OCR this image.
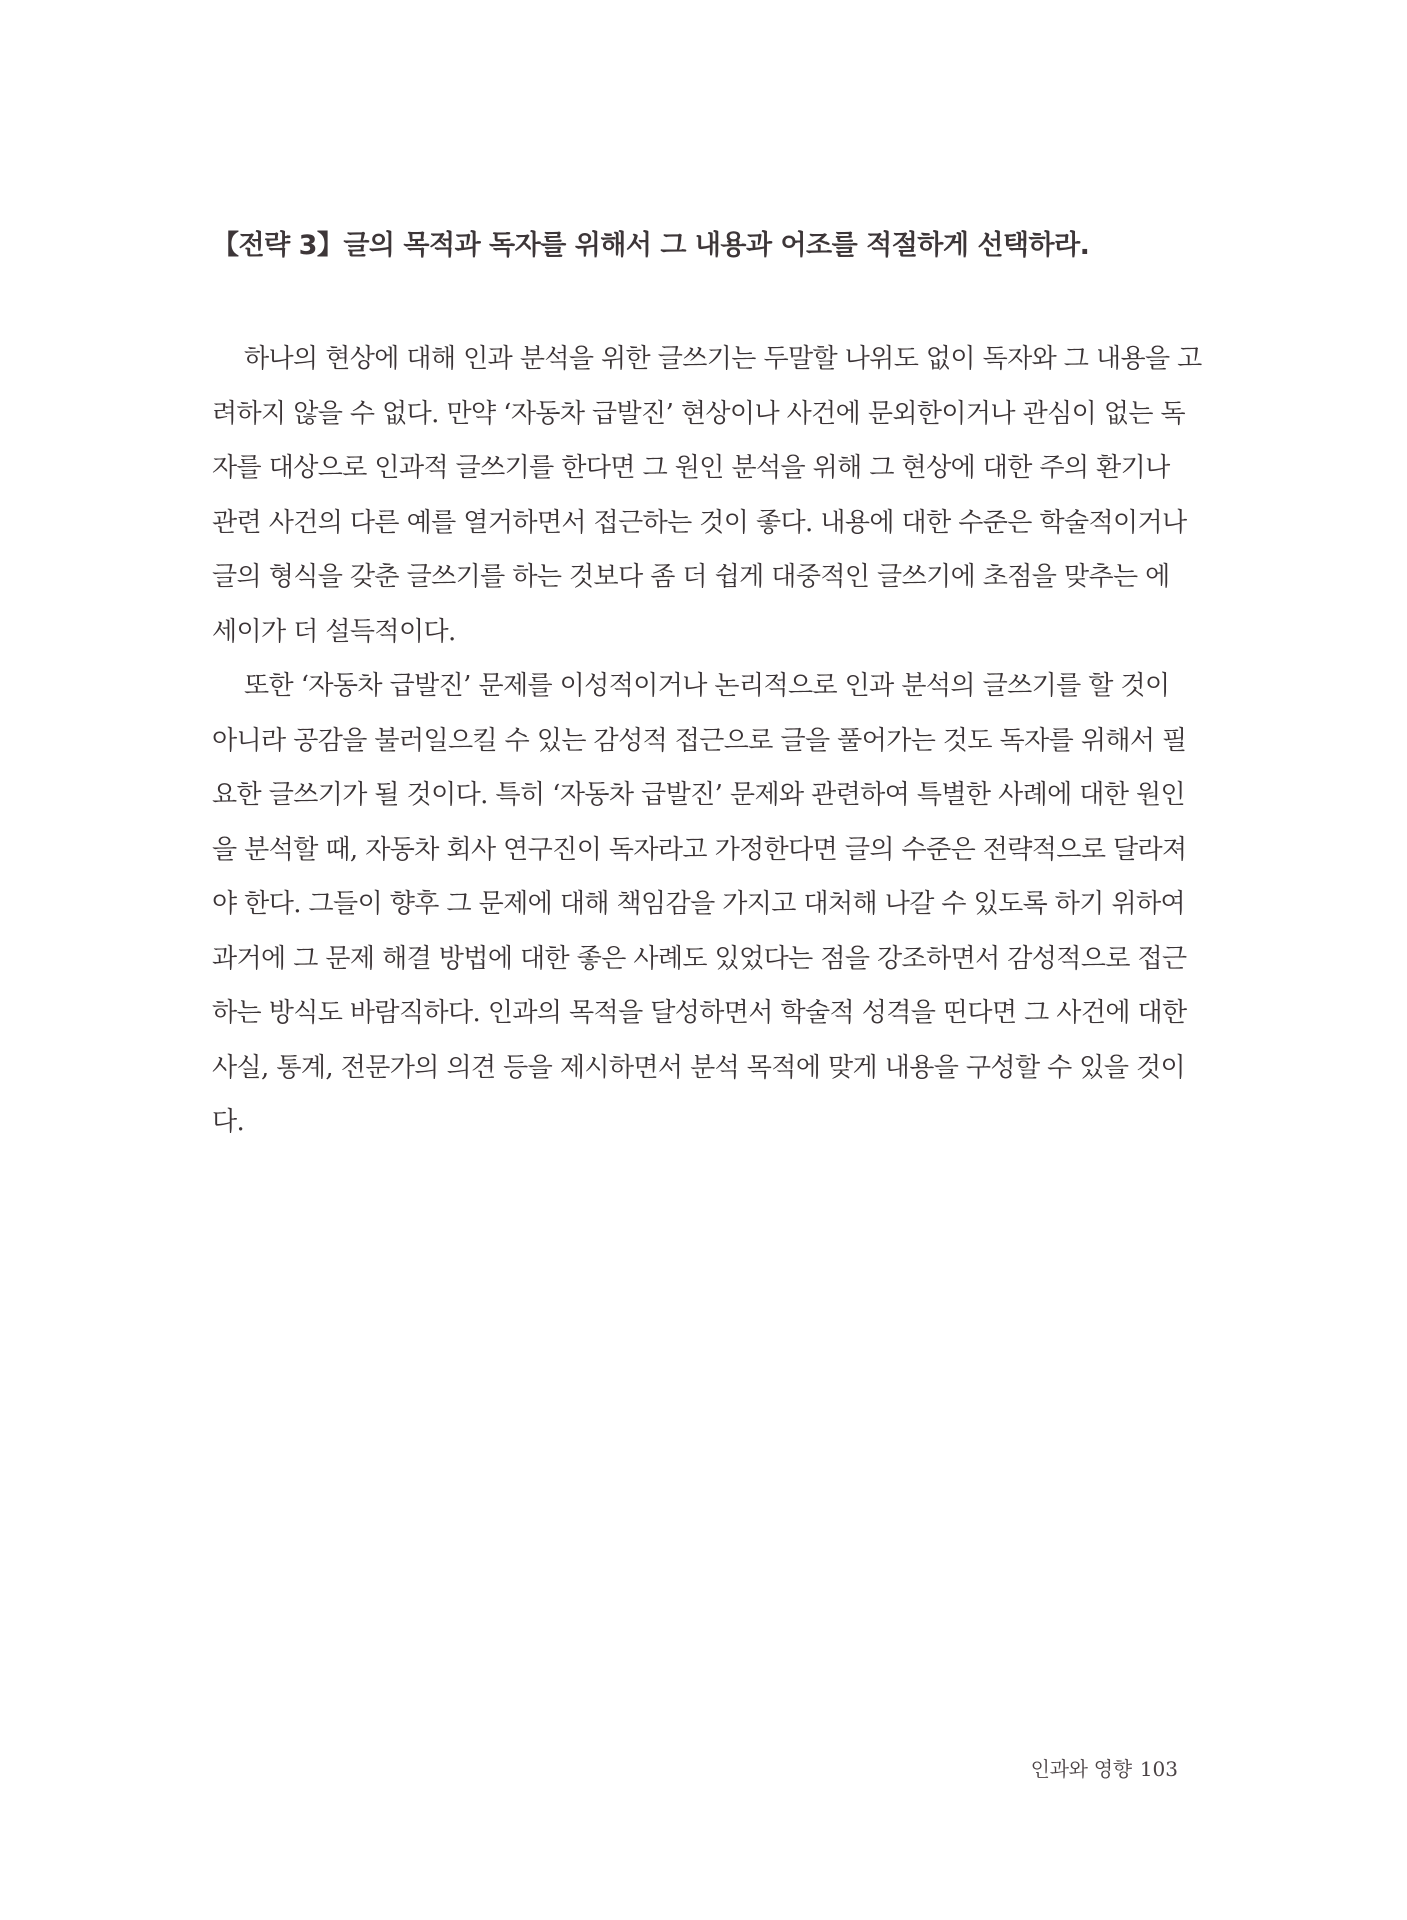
【전략 3】글의 목적과 독자를 위해서 그 내용과 어조를 적절하게 선택하라.
하나의 현상에 대해 인과 분석을 위한 글쓰기는 두말할 나위도 없이 독자와 그 내용을 고
려하지 않을 수 없다. 만약 ‘자동차 급발진’ 현상이나 사건에 문외한이거나 관심이 없는 독
자를 대상으로 인과적 글쓰기를 한다면 그 원인 분석을 위해 그 현상에 대한 주의 환기나
관련 사건의 다른 예를 열거하면서 접근하는 것이 좋다. 내용에 대한 수준은 학술적이거나
글의 형식을 갖춘 글쓰기를 하는 것보다 좀 더 쉽게 대중적인 글쓰기에 초점을 맞추는 에
세이가 더 설득적이다.
또한 ‘자동차 급발진’ 문제를 이성적이거나 논리적으로 인과 분석의 글쓰기를 할 것이
아니라 공감을 불러일으킬 수 있는 감성적 접근으로 글을 풀어가는 것도 독자를 위해서 필
요한 글쓰기가 될 것이다. 특히 ‘자동차 급발진’ 문제와 관련하여 특별한 사례에 대한 원인
을 분석할 때, 자동차 회사 연구진이 독자라고 가정한다면 글의 수준은 전략적으로 달라져
야 한다. 그들이 향후 그 문제에 대해 책임감을 가지고 대처해 나갈 수 있도록 하기 위하여
과거에 그 문제 해결 방법에 대한 좋은 사례도 있었다는 점을 강조하면서 감성적으로 접근
하는 방식도 바람직하다. 인과의 목적을 달성하면서 학술적 성격을 띤다면 그 사건에 대한
사실, 통계, 전문가의 의견 등을 제시하면서 분석 목적에 맞게 내용을 구성할 수 있을 것이
다.
인과와 영향 103
